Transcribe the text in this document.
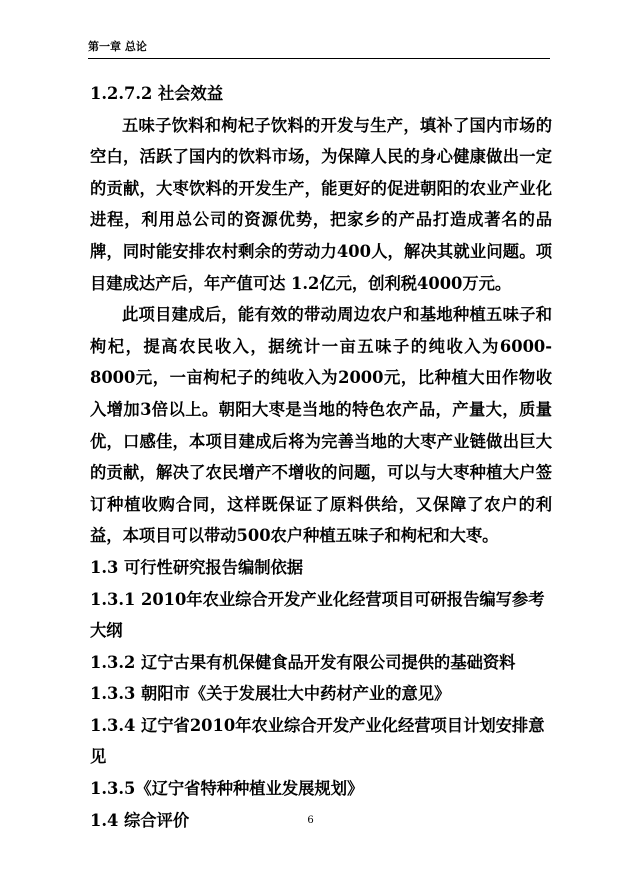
第一章 总论

1.2.7.2 社会效益

五味子饮料和枸杞子饮料的开发与生产，填补了国内市场的空白，活跃了国内的饮料市场，为保障人民的身心健康做出一定的贡献，大枣饮料的开发生产，能更好的促进朝阳的农业产业化进程，利用总公司的资源优势，把家乡的产品打造成著名的品牌，同时能安排农村剩余的劳动力400人，解决其就业问题。项目建成达产后，年产值可达 1.2亿元，创利税4000万元。

此项目建成后，能有效的带动周边农户和基地种植五味子和枸杞，提高农民收入，据统计一亩五味子的纯收入为6000-8000元，一亩枸杞子的纯收入为2000元，比种植大田作物收入增加3倍以上。朝阳大枣是当地的特色农产品，产量大，质量优，口感佳，本项目建成后将为完善当地的大枣产业链做出巨大的贡献，解决了农民增产不增收的问题，可以与大枣种植大户签订种植收购合同，这样既保证了原料供给，又保障了农户的利益，本项目可以带动500农户种植五味子和枸杞和大枣。

1.3 可行性研究报告编制依据

1.3.1 2010年农业综合开发产业化经营项目可研报告编写参考大纲

1.3.2 辽宁古果有机保健食品开发有限公司提供的基础资料

1.3.3 朝阳市《关于发展壮大中药材产业的意见》

1.3.4 辽宁省2010年农业综合开发产业化经营项目计划安排意见

1.3.5《辽宁省特种种植业发展规划》

1.4 综合评价	6
